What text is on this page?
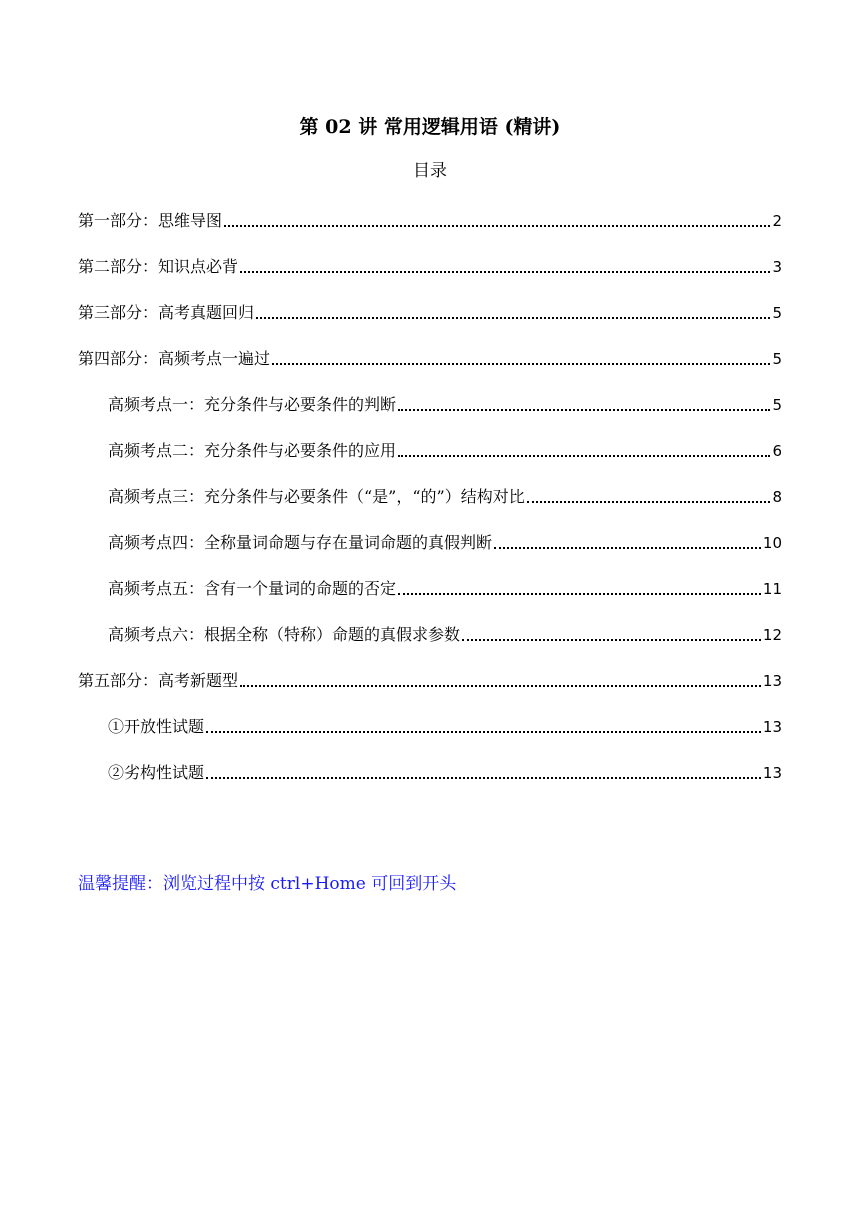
第 02 讲 常用逻辑用语 (精讲)
目录
第一部分：思维导图	2
第二部分：知识点必背	3
第三部分：高考真题回归	5
第四部分：高频考点一遍过	5
高频考点一：充分条件与必要条件的判断	5
高频考点二：充分条件与必要条件的应用	6
高频考点三：充分条件与必要条件（“是”，“的”）结构对比	8
高频考点四：全称量词命题与存在量词命题的真假判断	10
高频考点五：含有一个量词的命题的否定	11
高频考点六：根据全称（特称）命题的真假求参数	12
第五部分：高考新题型	13
①开放性试题	13
②劣构性试题	13
温馨提醒：浏览过程中按 ctrl+Home 可回到开头
